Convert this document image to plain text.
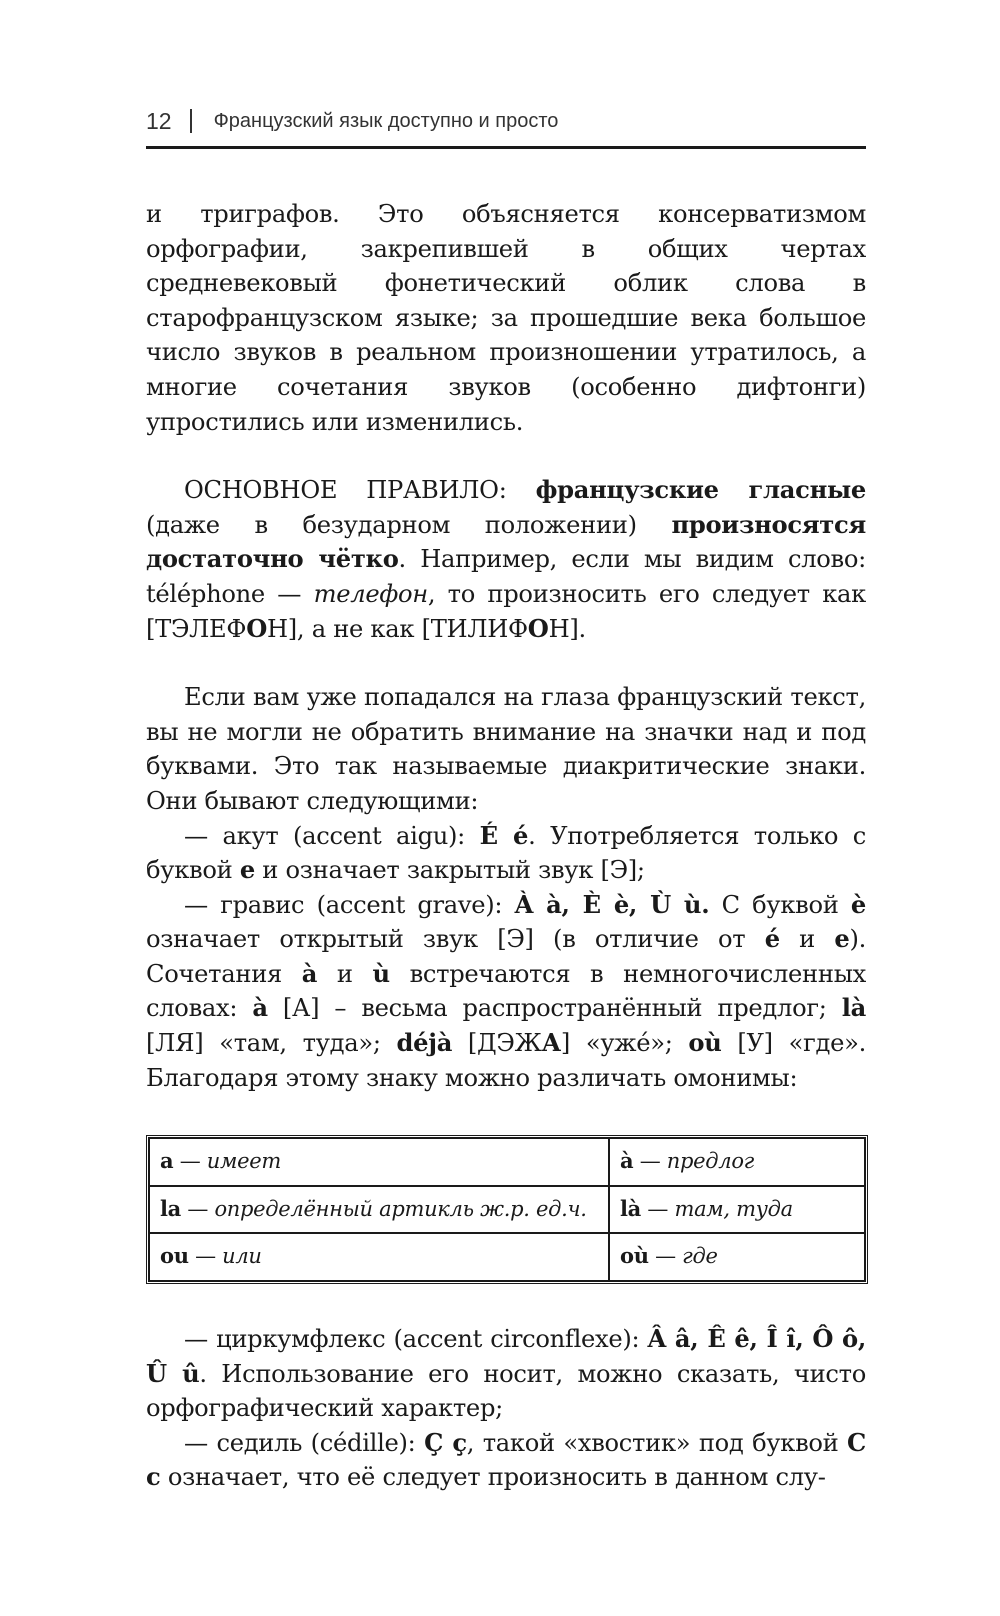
12 Французский язык доступно и просто

и триграфов. Это объясняется консерватизмом орфографии, закрепившей в общих чертах средневековый фонетический облик слова в старофранцузском языке; за прошедшие века большое число звуков в реальном произношении утратилось, а многие сочетания звуков (особенно дифтонги) упростились или изменились.

ОСНОВНОЕ ПРАВИЛО: французские гласные (даже в безударном положении) произносятся достаточно чётко. Например, если мы видим слово: téléphone — телефон, то произносить его следует как [ТЭЛЕФОН], а не как [ТИЛИФОН].

Если вам уже попадался на глаза французский текст, вы не могли не обратить внимание на значки над и под буквами. Это так называемые диакритические знаки. Они бывают следующими:

— акут (accent aigu): É é. Употребляется только с буквой е и означает закрытый звук [Э];

— гравис (accent grave): À à, È è, Ù ù. С буквой è означает открытый звук [Э] (в отличие от é и e). Сочетания à и ù встречаются в немногочисленных словах: à [А] – весьма распространённый предлог; là [ЛЯ] «там, туда»; déjà [ДЭЖА] «ужé»; où [У] «где». Благодаря этому знаку можно различать омонимы:

a — имеет	à — предлог
la — определённый артикль ж.р. ед.ч.	là — там, туда
ou — или	où — где

— циркумфлекс (accent circonflexe): Â â, Ê ê, Î î, Ô ô, Û û. Использование его носит, можно сказать, чисто орфографический характер;

— седиль (cédille): Ç ç, такой «хвостик» под буквой С с означает, что её следует произносить в данном слу-
